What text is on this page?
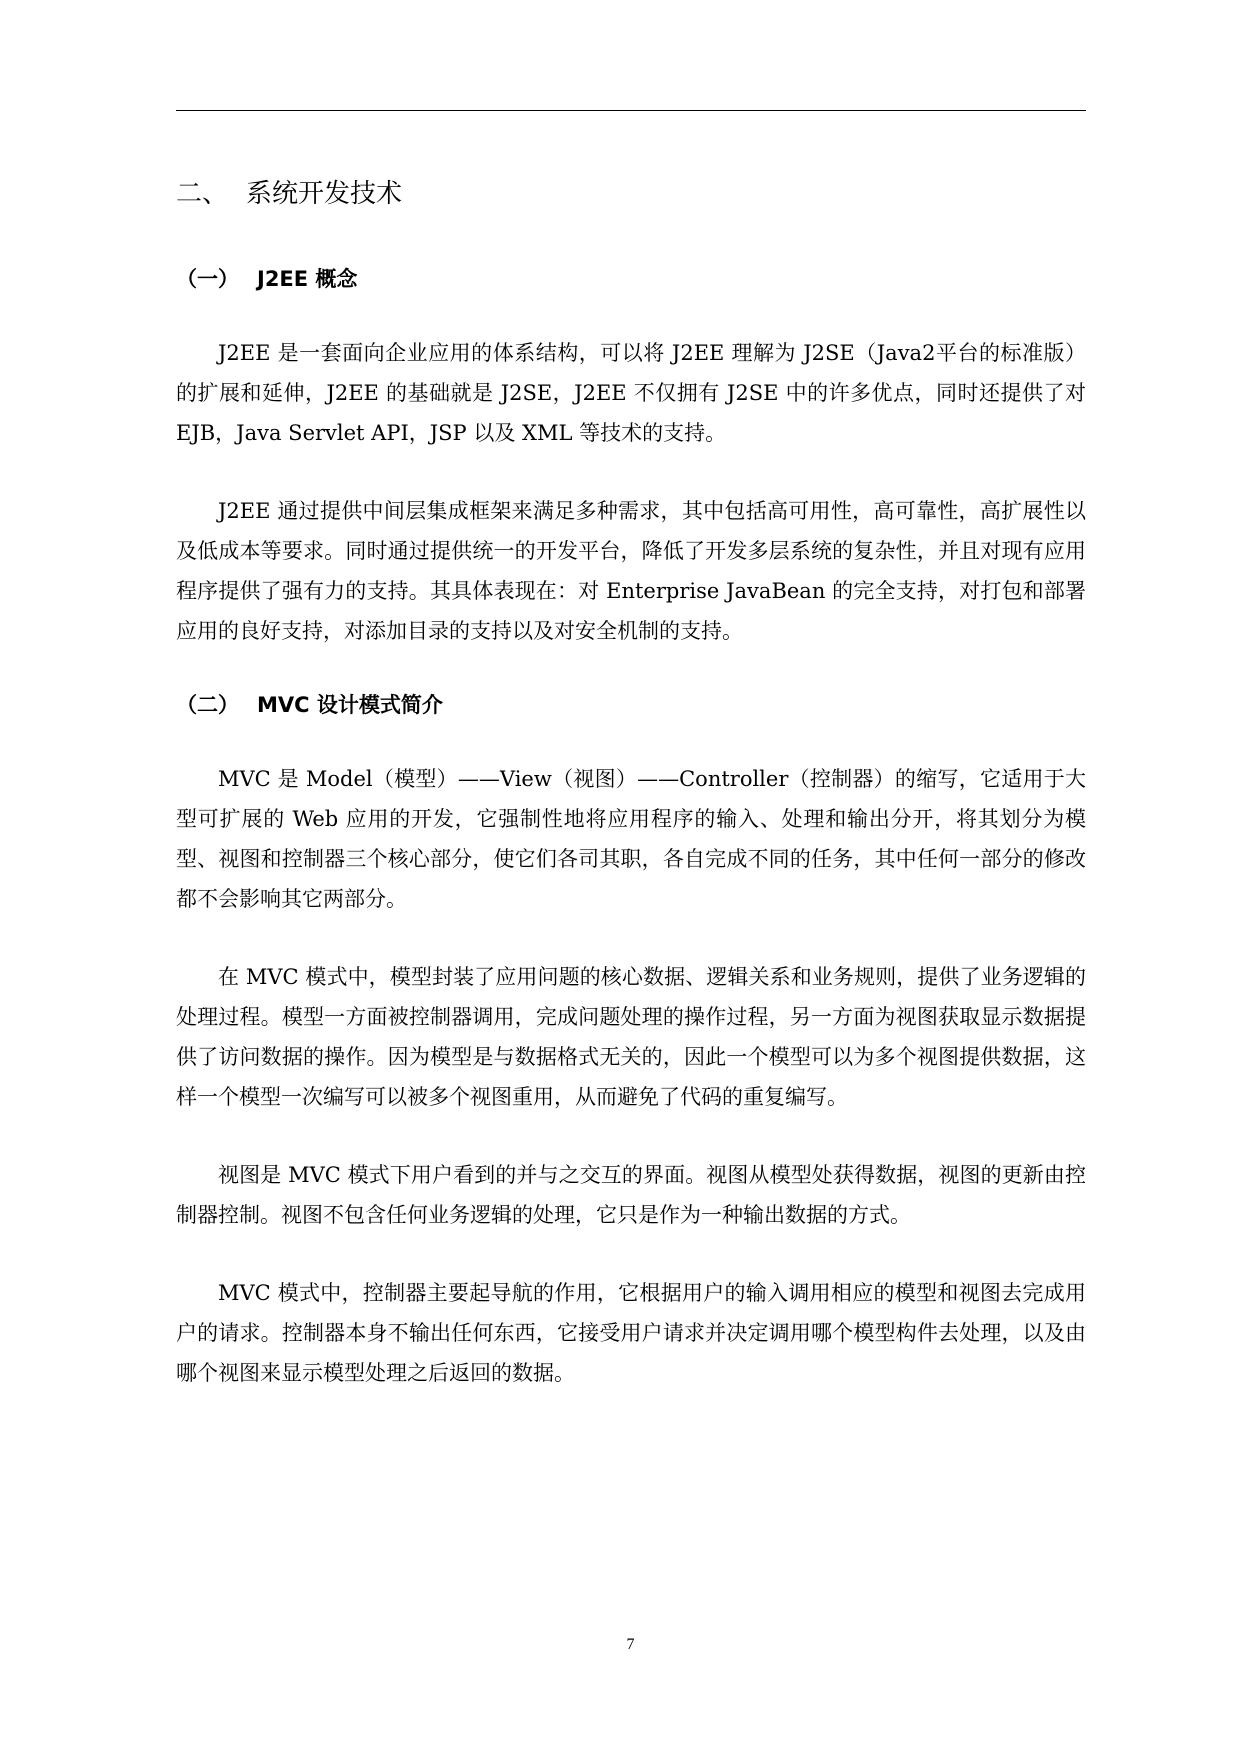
二、 系统开发技术
（一） J2EE 概念

J2EE 是一套面向企业应用的体系结构，可以将 J2EE 理解为 J2SE（Java2平台的标准版）的扩展和延伸，J2EE 的基础就是 J2SE，J2EE 不仅拥有 J2SE 中的许多优点，同时还提供了对 EJB，Java Servlet API，JSP 以及 XML 等技术的支持。

J2EE 通过提供中间层集成框架来满足多种需求，其中包括高可用性，高可靠性，高扩展性以及低成本等要求。同时通过提供统一的开发平台，降低了开发多层系统的复杂性，并且对现有应用程序提供了强有力的支持。其具体表现在：对 Enterprise JavaBean 的完全支持，对打包和部署应用的良好支持，对添加目录的支持以及对安全机制的支持。

（二） MVC 设计模式简介

MVC 是 Model（模型）——View（视图）——Controller（控制器）的缩写，它适用于大型可扩展的 Web 应用的开发，它强制性地将应用程序的输入、处理和输出分开，将其划分为模型、视图和控制器三个核心部分，使它们各司其职，各自完成不同的任务，其中任何一部分的修改都不会影响其它两部分。

在 MVC 模式中，模型封装了应用问题的核心数据、逻辑关系和业务规则，提供了业务逻辑的处理过程。模型一方面被控制器调用，完成问题处理的操作过程，另一方面为视图获取显示数据提供了访问数据的操作。因为模型是与数据格式无关的，因此一个模型可以为多个视图提供数据，这样一个模型一次编写可以被多个视图重用，从而避免了代码的重复编写。

视图是 MVC 模式下用户看到的并与之交互的界面。视图从模型处获得数据，视图的更新由控制器控制。视图不包含任何业务逻辑的处理，它只是作为一种输出数据的方式。

MVC 模式中，控制器主要起导航的作用，它根据用户的输入调用相应的模型和视图去完成用户的请求。控制器本身不输出任何东西，它接受用户请求并决定调用哪个模型构件去处理，以及由哪个视图来显示模型处理之后返回的数据。

7
